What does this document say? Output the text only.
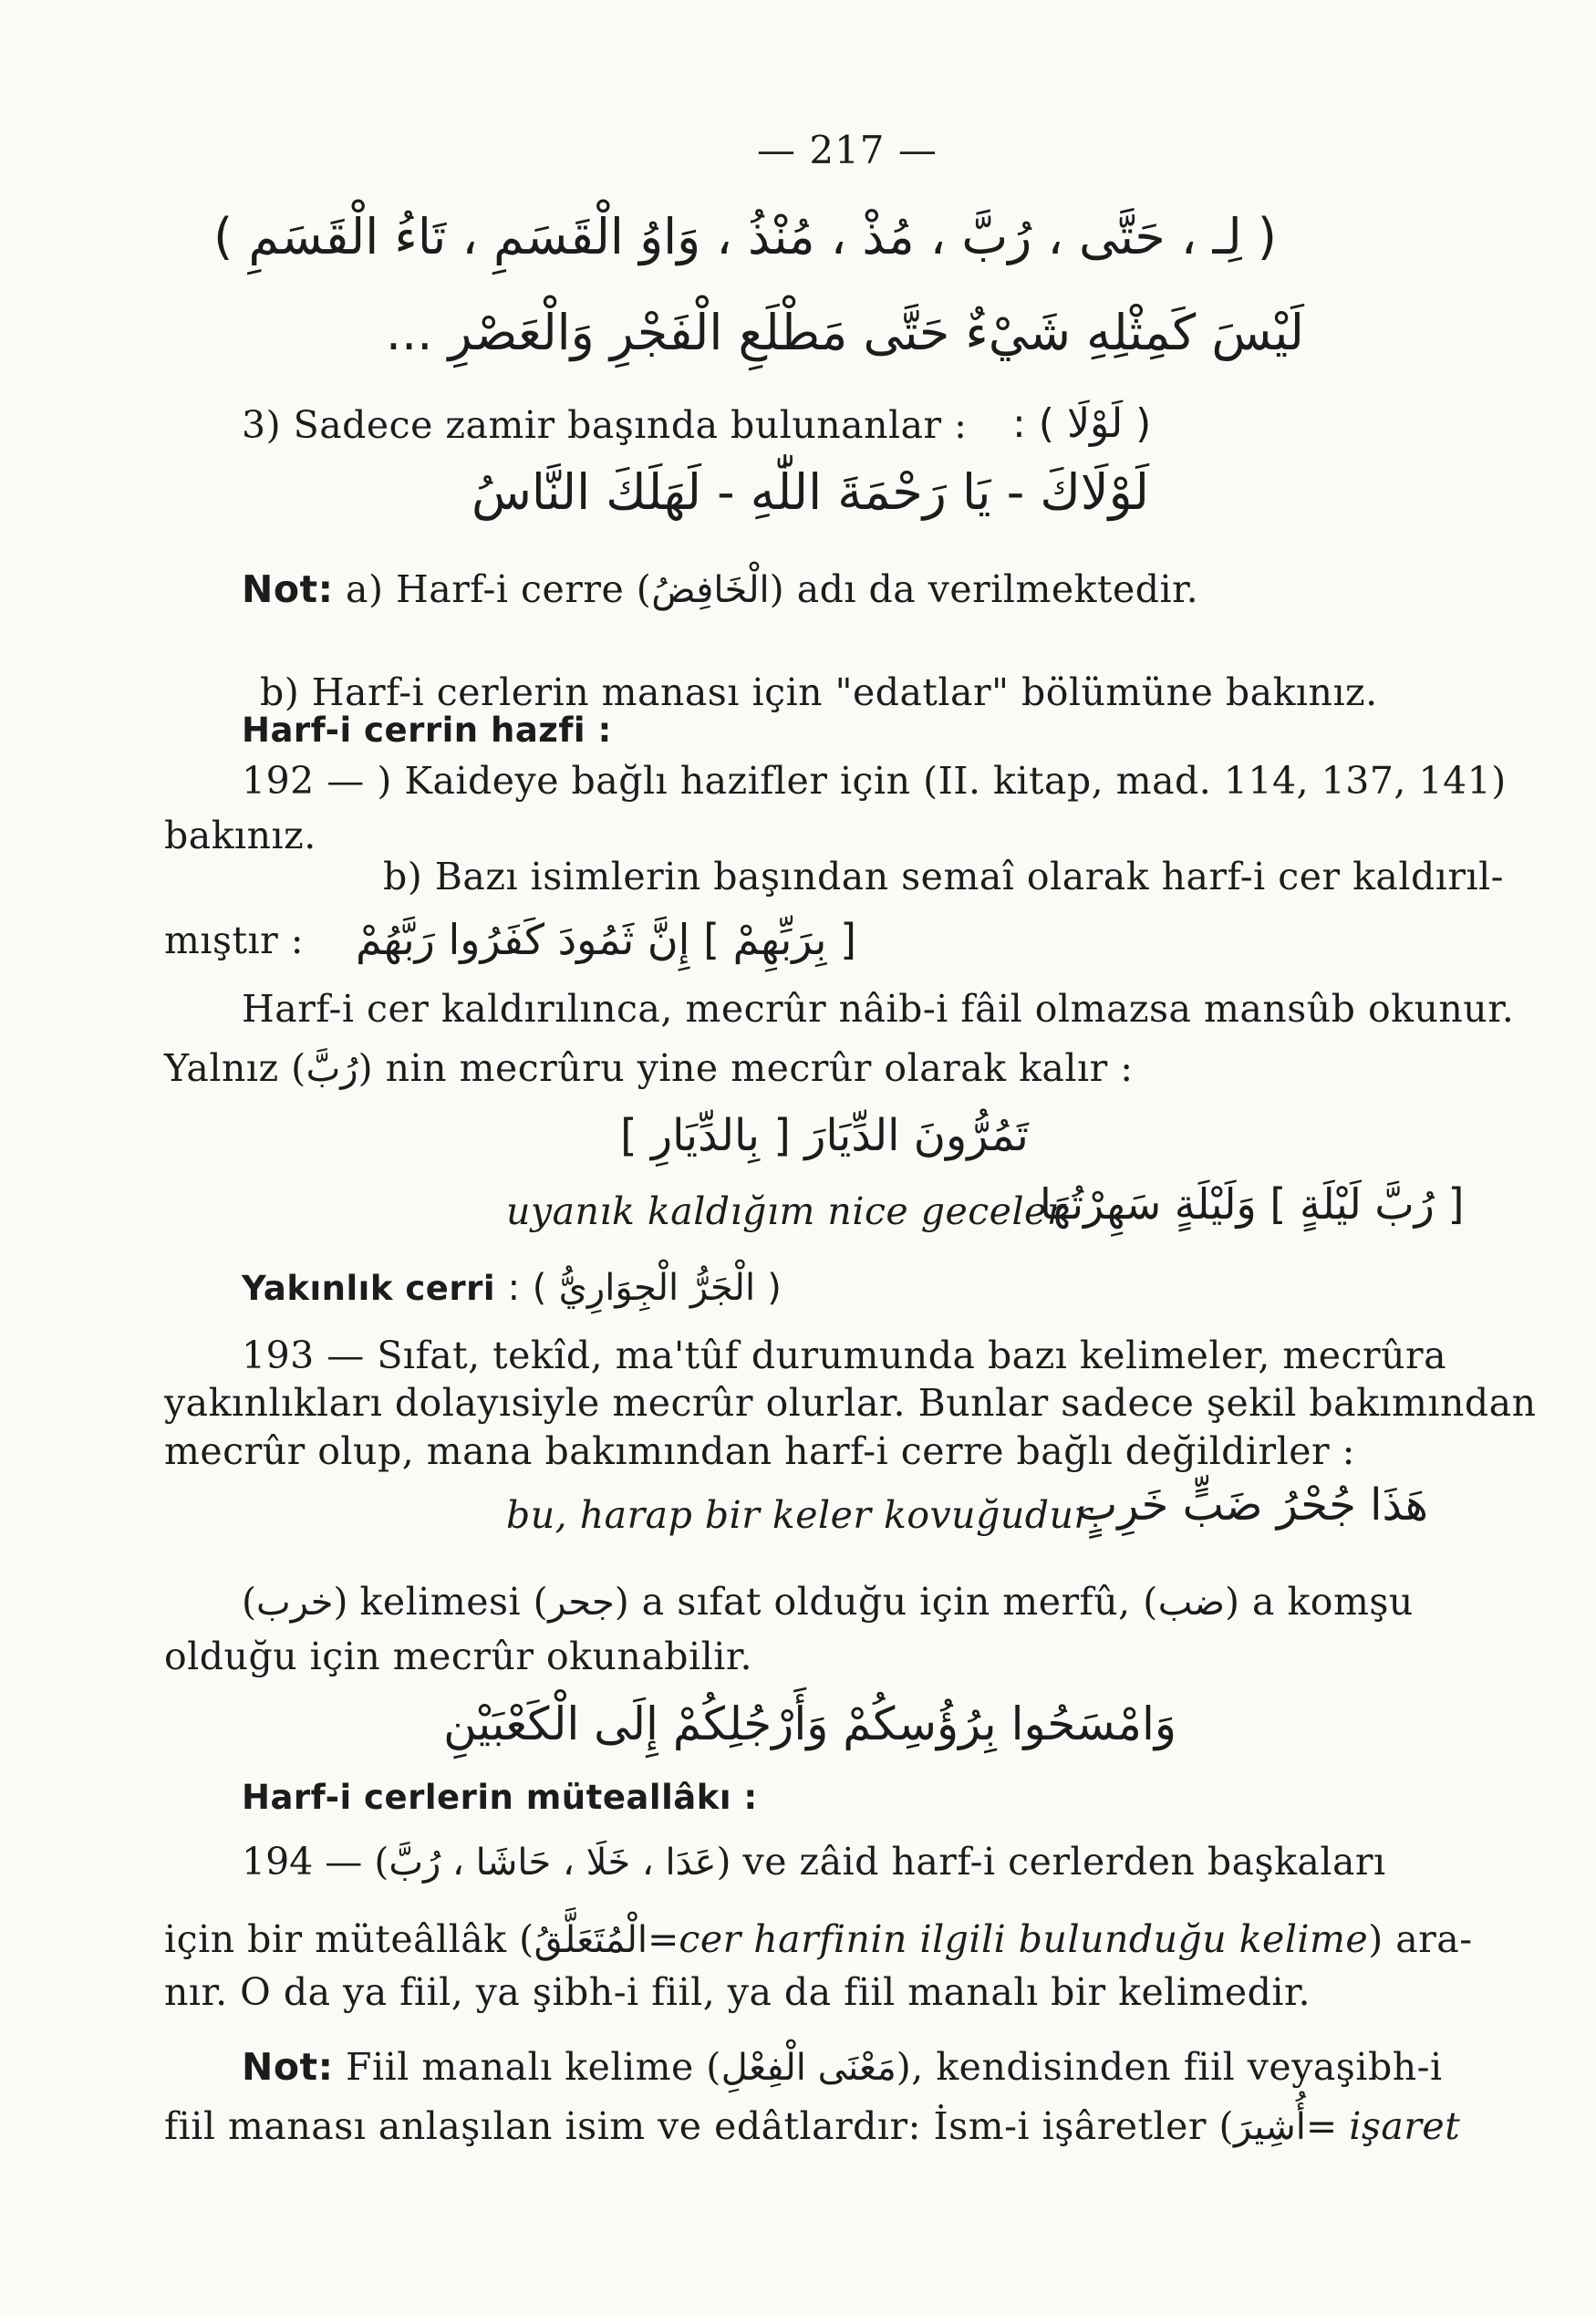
— 217 —
( لِـ ، حَتَّى ، رُبَّ ، مُذْ ، مُنْذُ ، وَاوُ الْقَسَمِ ، تَاءُ الْقَسَمِ )
لَيْسَ كَمِثْلِهِ شَيْءٌ حَتَّى مَطْلَعِ الْفَجْرِ وَالْعَصْرِ ...
3) Sadece zamir başında bulunanlar : ( لَوْلَا ) :
لَوْلَاكَ - يَا رَحْمَةَ اللّٰهِ - لَهَلَكَ النَّاسُ
Not: a) Harf-i cerre (الْخَافِضُ) adı da verilmektedir.
b) Harf-i cerlerin manası için "edatlar" bölümüne bakınız.
Harf-i cerrin hazfi :
192 — ) Kaideye bağlı hazifler için (II. kitap, mad. 114, 137, 141)
bakınız.
b) Bazı isimlerin başından semaî olarak harf-i cer kaldırıl-
mıştır : [ بِرَبِّهِمْ ] إِنَّ ثَمُودَ كَفَرُوا رَبَّهُمْ
Harf-i cer kaldırılınca, mecrûr nâib-i fâil olmazsa mansûb okunur.
Yalnız (رُبَّ) nin mecrûru yine mecrûr olarak kalır :
تَمُرُّونَ الدِّيَارَ [ بِالدِّيَارِ ]
uyanık kaldığım nice geceler
[ رُبَّ لَيْلَةٍ ] وَلَيْلَةٍ سَهِرْتُهَا
Yakınlık cerri ( الْجَرُّ الْجِوَارِيُّ ) :
193 — Sıfat, tekîd, ma'tûf durumunda bazı kelimeler, mecrûra
yakınlıkları dolayısiyle mecrûr olurlar. Bunlar sadece şekil bakımından
mecrûr olup, mana bakımından harf-i cerre bağlı değildirler :
bu, harap bir keler kovuğudur
هَذَا جُحْرُ ضَبٍّ خَرِبٍ
(خرب) kelimesi (جحر) a sıfat olduğu için merfû, (ضب) a komşu
olduğu için mecrûr okunabilir.
وَامْسَحُوا بِرُؤُسِكُمْ وَأَرْجُلِكُمْ إِلَى الْكَعْبَيْنِ
Harf-i cerlerin müteallâkı :
194 — (عَدَا ، خَلَا ، حَاشَا ، رُبَّ) ve zâid harf-i cerlerden başkaları
için bir müteâllâk (الْمُتَعَلَّقُ=cer harfinin ilgili bulunduğu kelime) ara-
nır. O da ya fiil, ya şibh-i fiil, ya da fiil manalı bir kelimedir.
Not: Fiil manalı kelime (مَعْنَى الْفِعْلِ), kendisinden fiil veyaşibh-i
fiil manası anlaşılan isim ve edâtlardır: İsm-i işâretler (أُشِيرَ= işaret
